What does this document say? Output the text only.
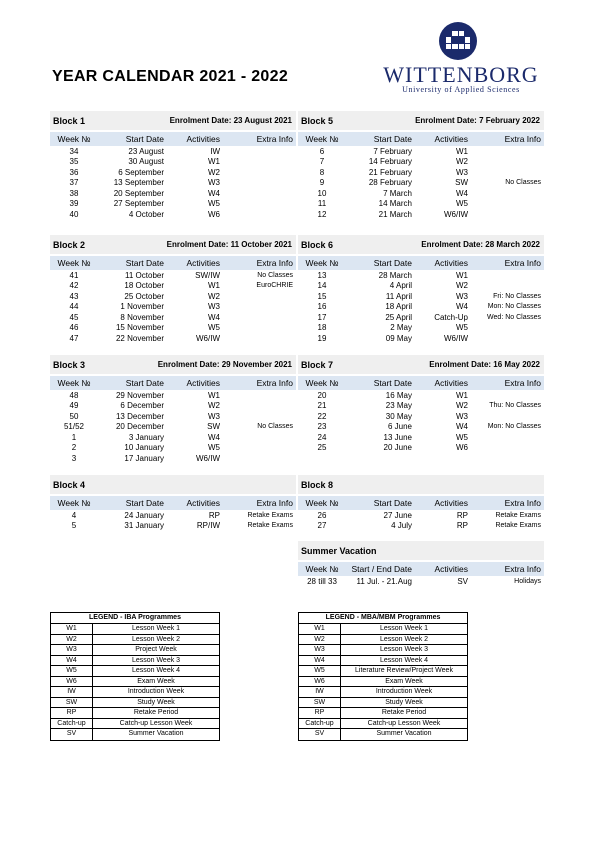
YEAR CALENDAR 2021 - 2022	WITTENBORG
University of Applied Sciences
Block 1	Enrolment Date: 23 August 2021
Week №	Start Date	Activities	Extra Info
34	23 August	IW
35	30 August	W1
36	6 September	W2
37	13 September	W3
38	20 September	W4
39	27 September	W5
40	4 October	W6
Block 5	Enrolment Date: 7 February 2022
Week №	Start Date	Activities	Extra Info
6	7 February	W1
7	14 February	W2
8	21 February	W3
9	28 February	SW	No Classes
10	7 March	W4
11	14 March	W5
12	21 March	W6/IW
Block 2	Enrolment Date: 11 October 2021
Week №	Start Date	Activities	Extra Info
41	11 October	SW/IW	No Classes
42	18 October	W1	EuroCHRIE
43	25 October	W2
44	1 November	W3
45	8 November	W4
46	15 November	W5
47	22 November	W6/IW
Block 6	Enrolment Date: 28 March 2022
Week №	Start Date	Activities	Extra Info
13	28 March	W1
14	4 April	W2
15	11 April	W3	Fri: No Classes
16	18 April	W4	Mon: No Classes
17	25 April	Catch-Up	Wed: No Classes
18	2 May	W5
19	09 May	W6/IW
Block 3	Enrolment Date: 29 November 2021
Week №	Start Date	Activities	Extra Info
48	29 November	W1
49	6 December	W2
50	13 December	W3
51/52	20 December	SW	No Classes
1	3 January	W4
2	10 January	W5
3	17 January	W6/IW
Block 7	Enrolment Date: 16 May 2022
Week №	Start Date	Activities	Extra Info
20	16 May	W1
21	23 May	W2	Thu: No Classes
22	30 May	W3
23	6 June	W4	Mon: No Classes
24	13 June	W5
25	20 June	W6
Block 4
Week №	Start Date	Activities	Extra Info
4	24 January	RP	Retake Exams
5	31 January	RP/IW	Retake Exams
Block 8
Week №	Start Date	Activities	Extra Info
26	27 June	RP	Retake Exams
27	4 July	RP	Retake Exams
Summer Vacation
Week №	Start / End Date	Activities	Extra Info
28 till 33	11 Jul. - 21.Aug	SV	Holidays
LEGEND - IBA Programmes
W1	Lesson Week 1
W2	Lesson Week 2
W3	Project Week
W4	Lesson Week 3
W5	Lesson Week 4
W6	Exam Week
IW	Introduction Week
SW	Study Week
RP	Retake Period
Catch-up	Catch-up Lesson Week
SV	Summer Vacation
LEGEND - MBA/MBM Programmes
W1	Lesson Week 1
W2	Lesson Week 2
W3	Lesson Week 3
W4	Lesson Week 4
W5	Literature Review/Project Week
W6	Exam Week
IW	Introduction Week
SW	Study Week
RP	Retake Period
Catch-up	Catch-up Lesson Week
SV	Summer Vacation
